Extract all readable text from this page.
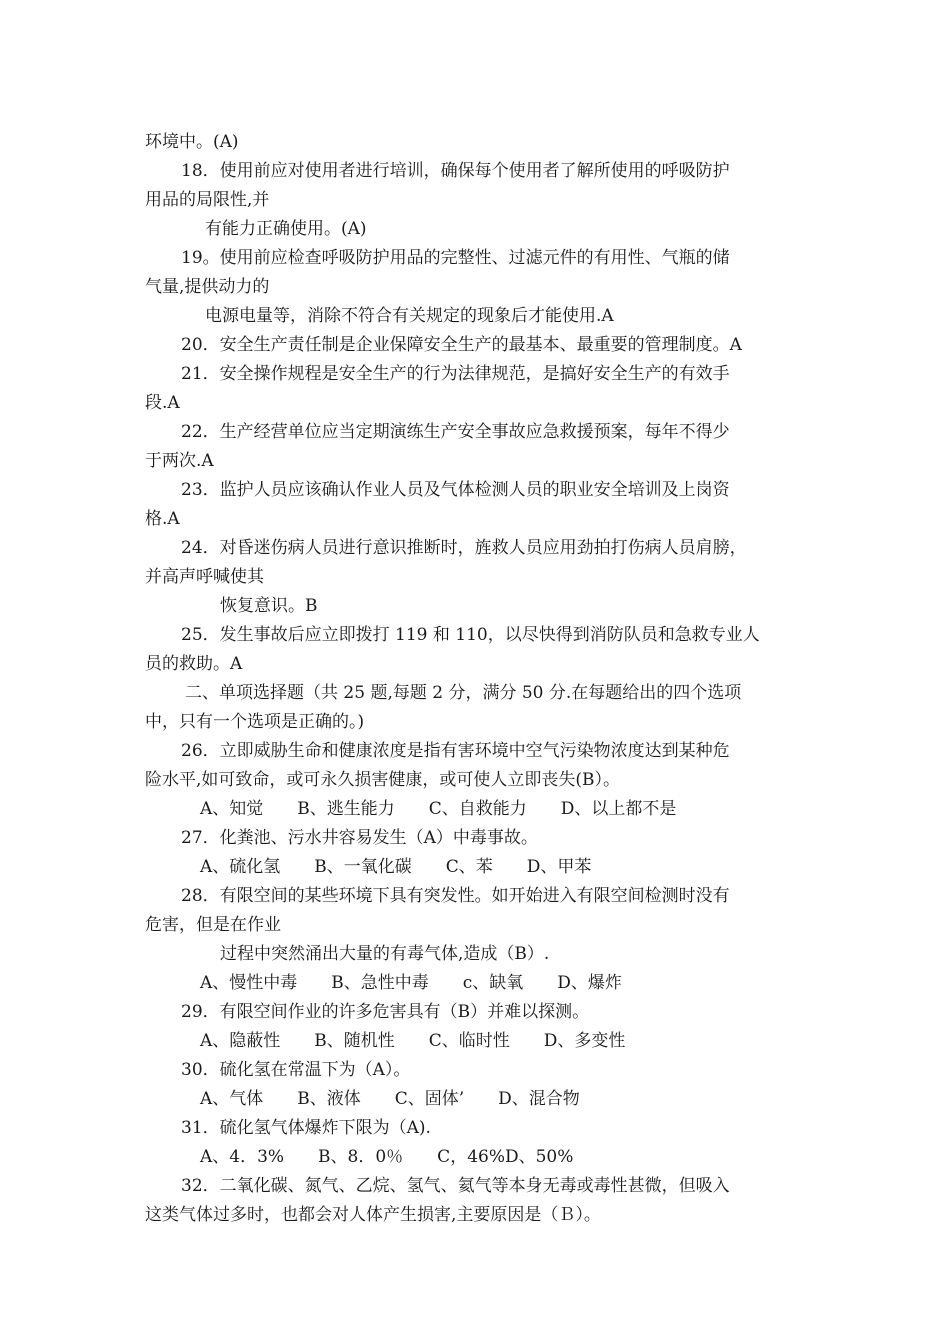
环境中。(A)
18．使用前应对使用者进行培训，确保每个使用者了解所使用的呼吸防护
用品的局限性,并
有能力正确使用。(A)
19。使用前应检查呼吸防护用品的完整性、过滤元件的有用性、气瓶的储
气量,提供动力的
电源电量等，消除不符合有关规定的现象后才能使用.A
20．安全生产责任制是企业保障安全生产的最基本、最重要的管理制度。A
21．安全操作规程是安全生产的行为法律规范，是搞好安全生产的有效手
段.A
22．生产经营单位应当定期演练生产安全事故应急救援预案，每年不得少
于两次.A
23．监护人员应该确认作业人员及气体检测人员的职业安全培训及上岗资
格.A
24．对昏迷伤病人员进行意识推断时，旌救人员应用劲拍打伤病人员肩膀，
并高声呼喊使其
恢复意识。B
25．发生事故后应立即拨打 119 和 110，以尽快得到消防队员和急救专业人
员的救助。A
二、单项选择题（共 25 题,每题 2 分，满分 50 分.在每题给出的四个选项
中，只有一个选项是正确的。)
26．立即威胁生命和健康浓度是指有害环境中空气污染物浓度达到某种危
险水平,如可致命，或可永久损害健康，或可使人立即丧失(B）。
A、知觉　　B、逃生能力　　C、自救能力　　D、以上都不是
27．化粪池、污水井容易发生（A）中毒事故。
A、硫化氢　　B、一氧化碳　　C、苯　　D、甲苯
28．有限空间的某些环境下具有突发性。如开始进入有限空间检测时没有
危害，但是在作业
过程中突然涌出大量的有毒气体,造成（B）.
A、慢性中毒　　B、急性中毒　　c、缺氧　　D、爆炸
29．有限空间作业的许多危害具有（B）并难以探测。
A、隐蔽性　　B、随机性　　C、临时性　　D、多变性
30．硫化氢在常温下为（A）。
A、气体　　B、液体　　C、固体’　　D、混合物
31．硫化氢气体爆炸下限为（A).
A、4．3%　　B、8．0％　　C，46%D、50%
32．二氧化碳、氮气、乙烷、氢气、氦气等本身无毒或毒性甚微，但吸入
这类气体过多时，也都会对人体产生损害,主要原因是（Ｂ）。
